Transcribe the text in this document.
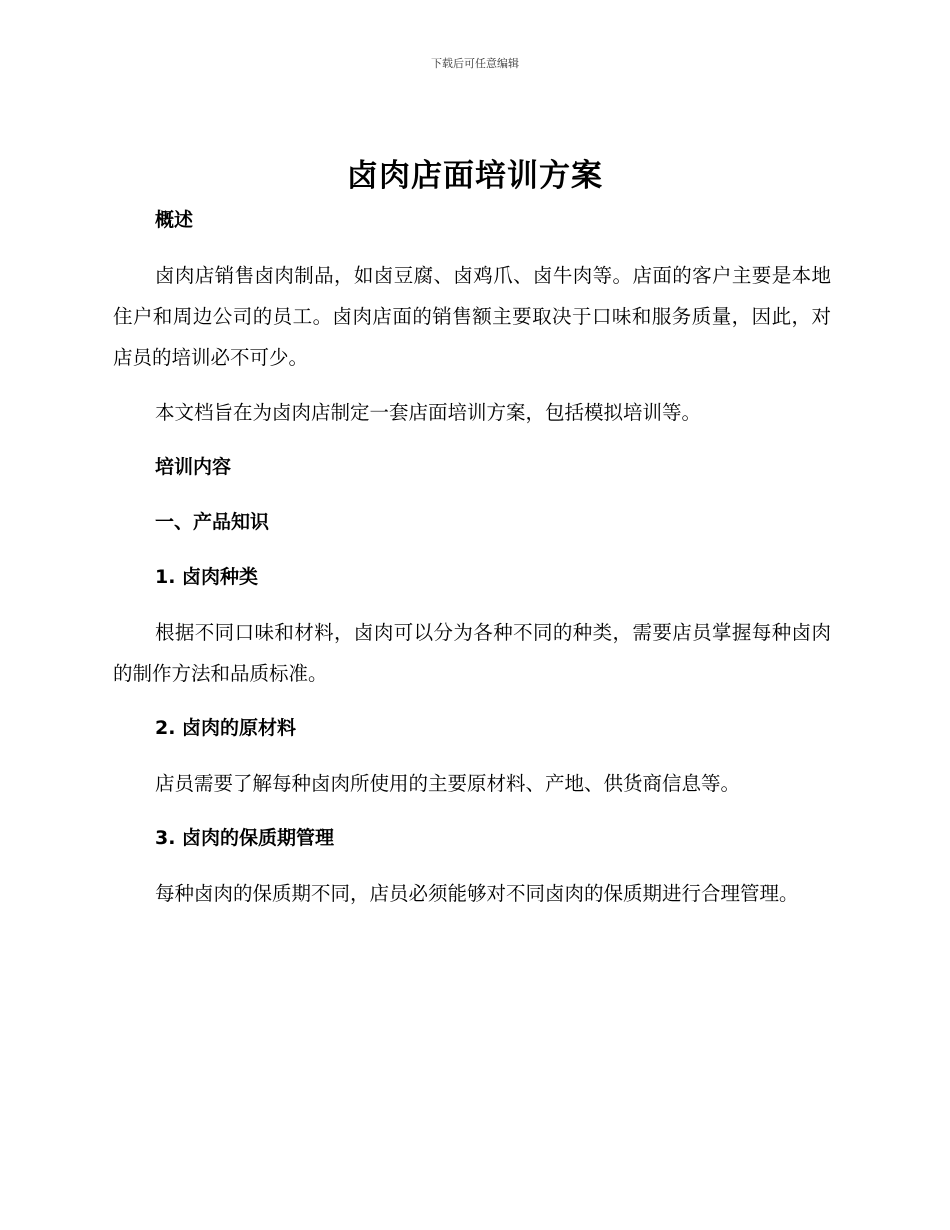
下载后可任意编辑
卤肉店面培训方案
概述

卤肉店销售卤肉制品，如卤豆腐、卤鸡爪、卤牛肉等。店面的客户主要是本地住户和周边公司的员工。卤肉店面的销售额主要取决于口味和服务质量，因此，对店员的培训必不可少。

本文档旨在为卤肉店制定一套店面培训方案，包括模拟培训等。

培训内容
一、产品知识
1. 卤肉种类

根据不同口味和材料，卤肉可以分为各种不同的种类，需要店员掌握每种卤肉的制作方法和品质标准。

2. 卤肉的原材料

店员需要了解每种卤肉所使用的主要原材料、产地、供货商信息等。

3. 卤肉的保质期管理

每种卤肉的保质期不同，店员必须能够对不同卤肉的保质期进行合理管理。
